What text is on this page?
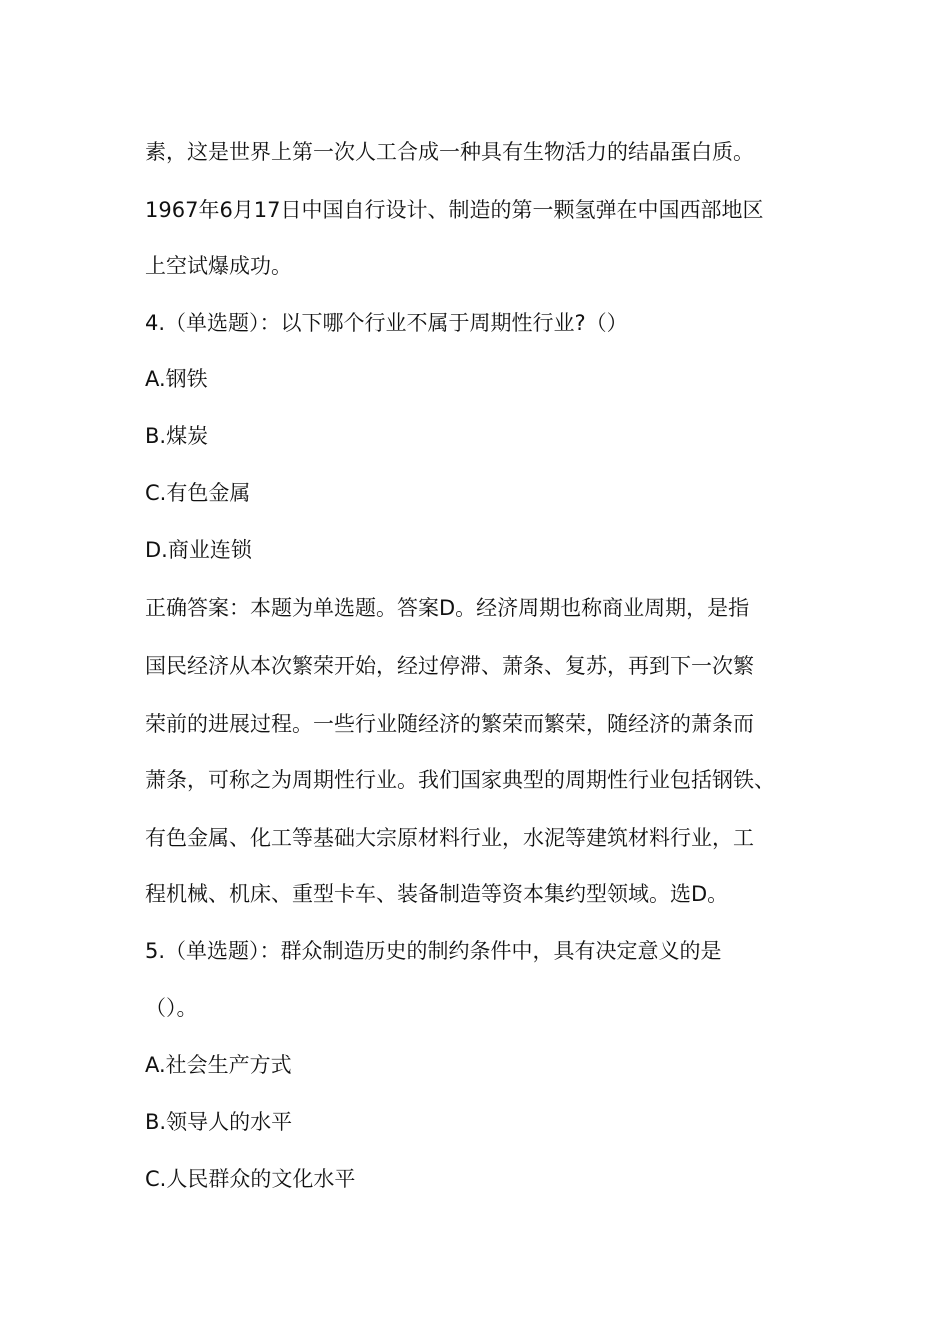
素，这是世界上第一次人工合成一种具有生物活力的结晶蛋白质。
1967年6月17日中国自行设计、制造的第一颗氢弹在中国西部地区
上空试爆成功。
4.（单选题）：以下哪个行业不属于周期性行业?（）
A.钢铁
B.煤炭
C.有色金属
D.商业连锁
正确答案：本题为单选题。答案D。经济周期也称商业周期，是指
国民经济从本次繁荣开始，经过停滞、萧条、复苏，再到下一次繁
荣前的进展过程。一些行业随经济的繁荣而繁荣，随经济的萧条而
萧条，可称之为周期性行业。我们国家典型的周期性行业包括钢铁、
有色金属、化工等基础大宗原材料行业，水泥等建筑材料行业，工
程机械、机床、重型卡车、装备制造等资本集约型领域。选D。
5.（单选题）：群众制造历史的制约条件中，具有决定意义的是
（）。
A.社会生产方式
B.领导人的水平
C.人民群众的文化水平
